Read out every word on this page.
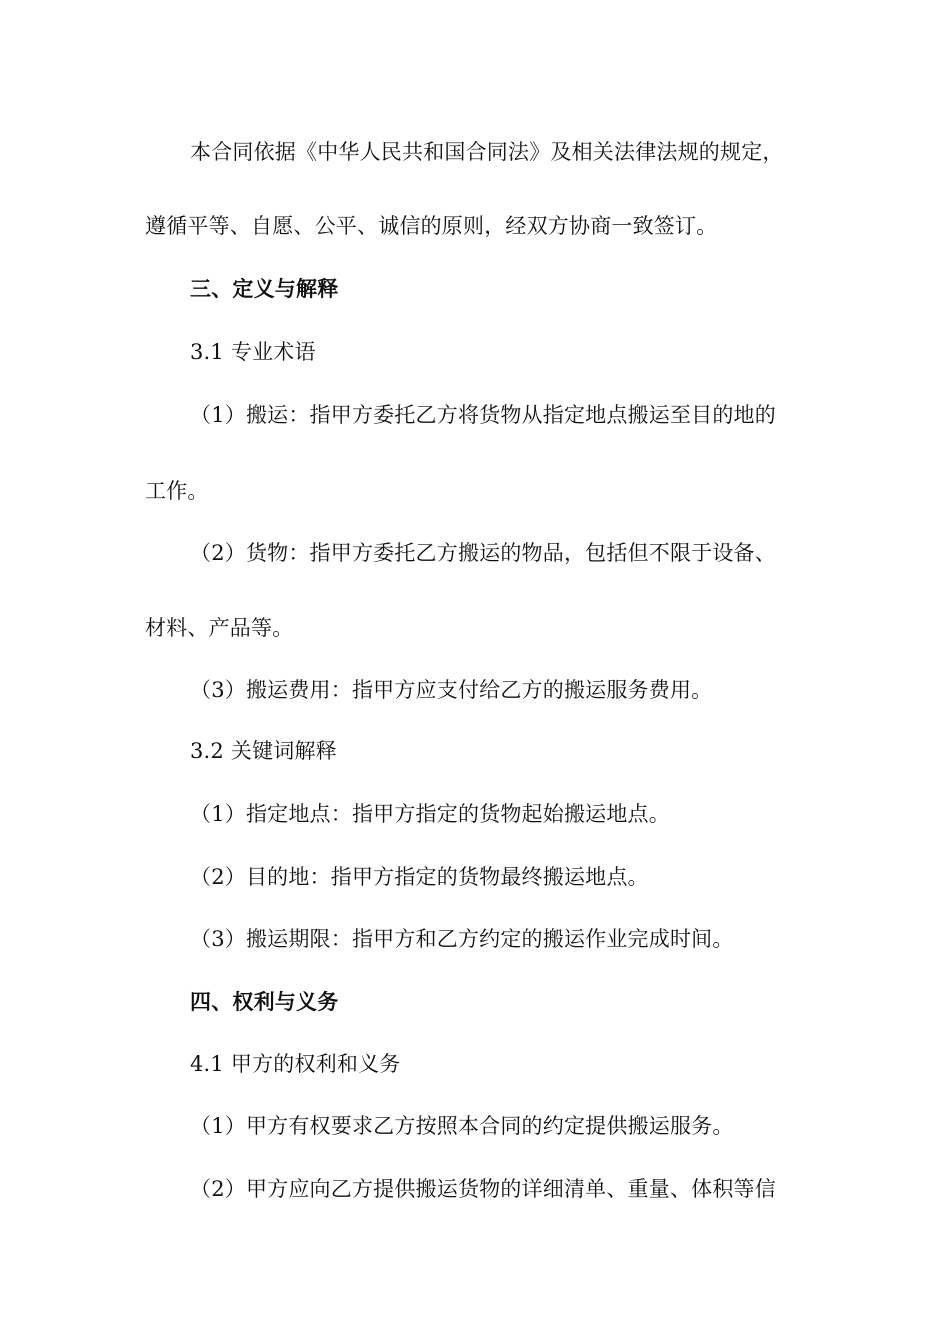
本合同依据《中华人民共和国合同法》及相关法律法规的规定，
遵循平等、自愿、公平、诚信的原则，经双方协商一致签订。
三、定义与解释
3.1 专业术语
（1）搬运：指甲方委托乙方将货物从指定地点搬运至目的地的
工作。
（2）货物：指甲方委托乙方搬运的物品，包括但不限于设备、
材料、产品等。
（3）搬运费用：指甲方应支付给乙方的搬运服务费用。
3.2 关键词解释
（1）指定地点：指甲方指定的货物起始搬运地点。
（2）目的地：指甲方指定的货物最终搬运地点。
（3）搬运期限：指甲方和乙方约定的搬运作业完成时间。
四、权利与义务
4.1 甲方的权利和义务
（1）甲方有权要求乙方按照本合同的约定提供搬运服务。
（2）甲方应向乙方提供搬运货物的详细清单、重量、体积等信
